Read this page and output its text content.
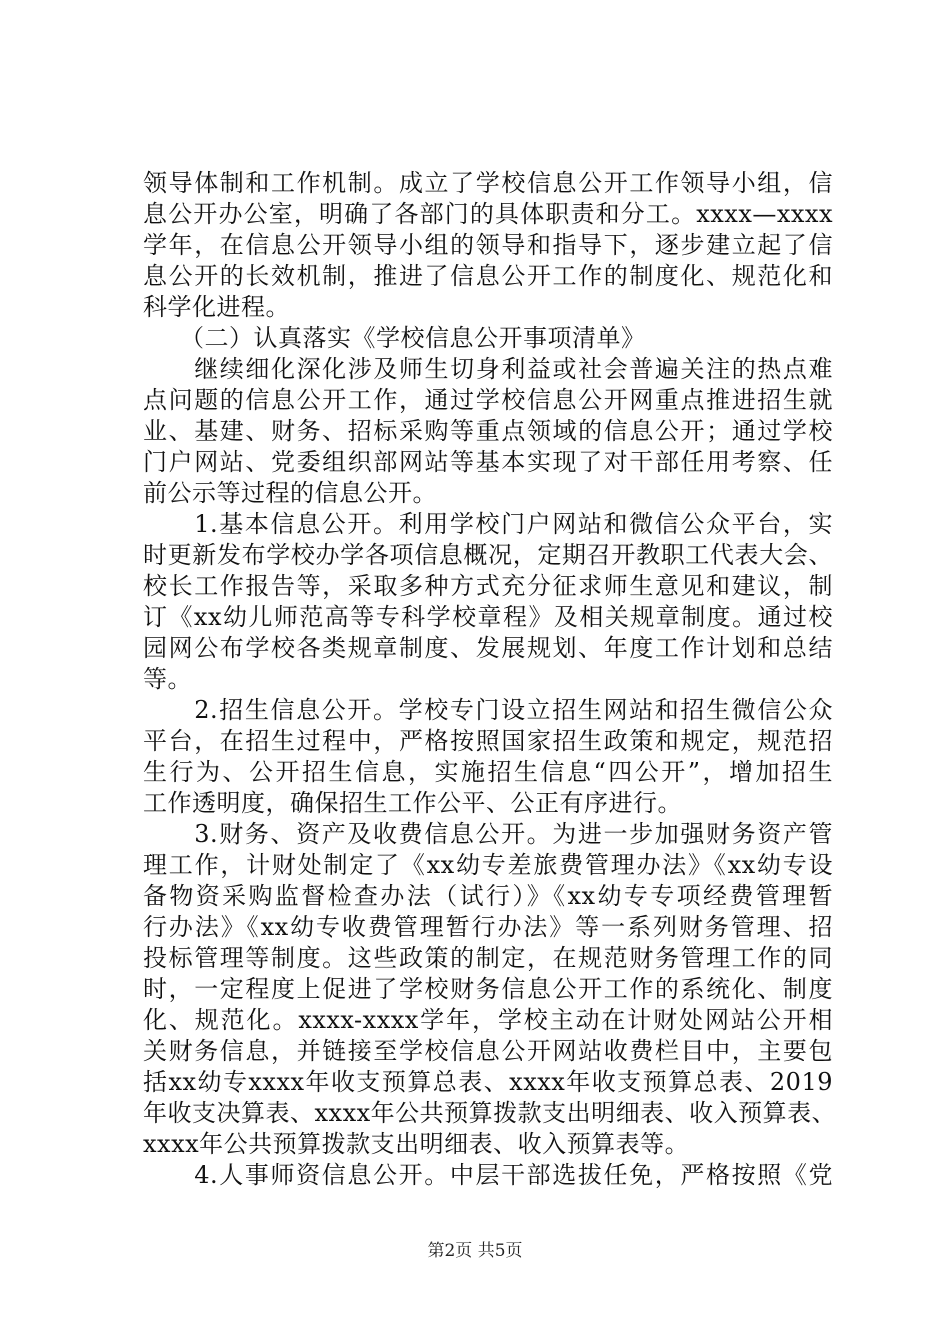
领导体制和工作机制。成立了学校信息公开工作领导小组，信
息公开办公室，明确了各部门的具体职责和分工。xxxx—xxxx
学年，在信息公开领导小组的领导和指导下，逐步建立起了信
息公开的长效机制，推进了信息公开工作的制度化、规范化和
科学化进程。
　　（二）认真落实《学校信息公开事项清单》
　　继续细化深化涉及师生切身利益或社会普遍关注的热点难
点问题的信息公开工作，通过学校信息公开网重点推进招生就
业、基建、财务、招标采购等重点领域的信息公开；通过学校
门户网站、党委组织部网站等基本实现了对干部任用考察、任
前公示等过程的信息公开。
　　1.基本信息公开。利用学校门户网站和微信公众平台，实
时更新发布学校办学各项信息概况，定期召开教职工代表大会、
校长工作报告等，采取多种方式充分征求师生意见和建议，制
订《xx幼儿师范高等专科学校章程》及相关规章制度。通过校
园网公布学校各类规章制度、发展规划、年度工作计划和总结
等。
　　2.招生信息公开。学校专门设立招生网站和招生微信公众
平台，在招生过程中，严格按照国家招生政策和规定，规范招
生行为、公开招生信息，实施招生信息“四公开”，增加招生
工作透明度，确保招生工作公平、公正有序进行。
　　3.财务、资产及收费信息公开。为进一步加强财务资产管
理工作，计财处制定了《xx幼专差旅费管理办法》《xx幼专设
备物资采购监督检查办法（试行）》《xx幼专专项经费管理暂
行办法》《xx幼专收费管理暂行办法》等一系列财务管理、招
投标管理等制度。这些政策的制定，在规范财务管理工作的同
时，一定程度上促进了学校财务信息公开工作的系统化、制度
化、规范化。xxxx-xxxx学年，学校主动在计财处网站公开相
关财务信息，并链接至学校信息公开网站收费栏目中，主要包
括xx幼专xxxx年收支预算总表、xxxx年收支预算总表、2019
年收支决算表、xxxx年公共预算拨款支出明细表、收入预算表、
xxxx年公共预算拨款支出明细表、收入预算表等。
　　4.人事师资信息公开。中层干部选拔任免，严格按照《党
第2页 共5页
